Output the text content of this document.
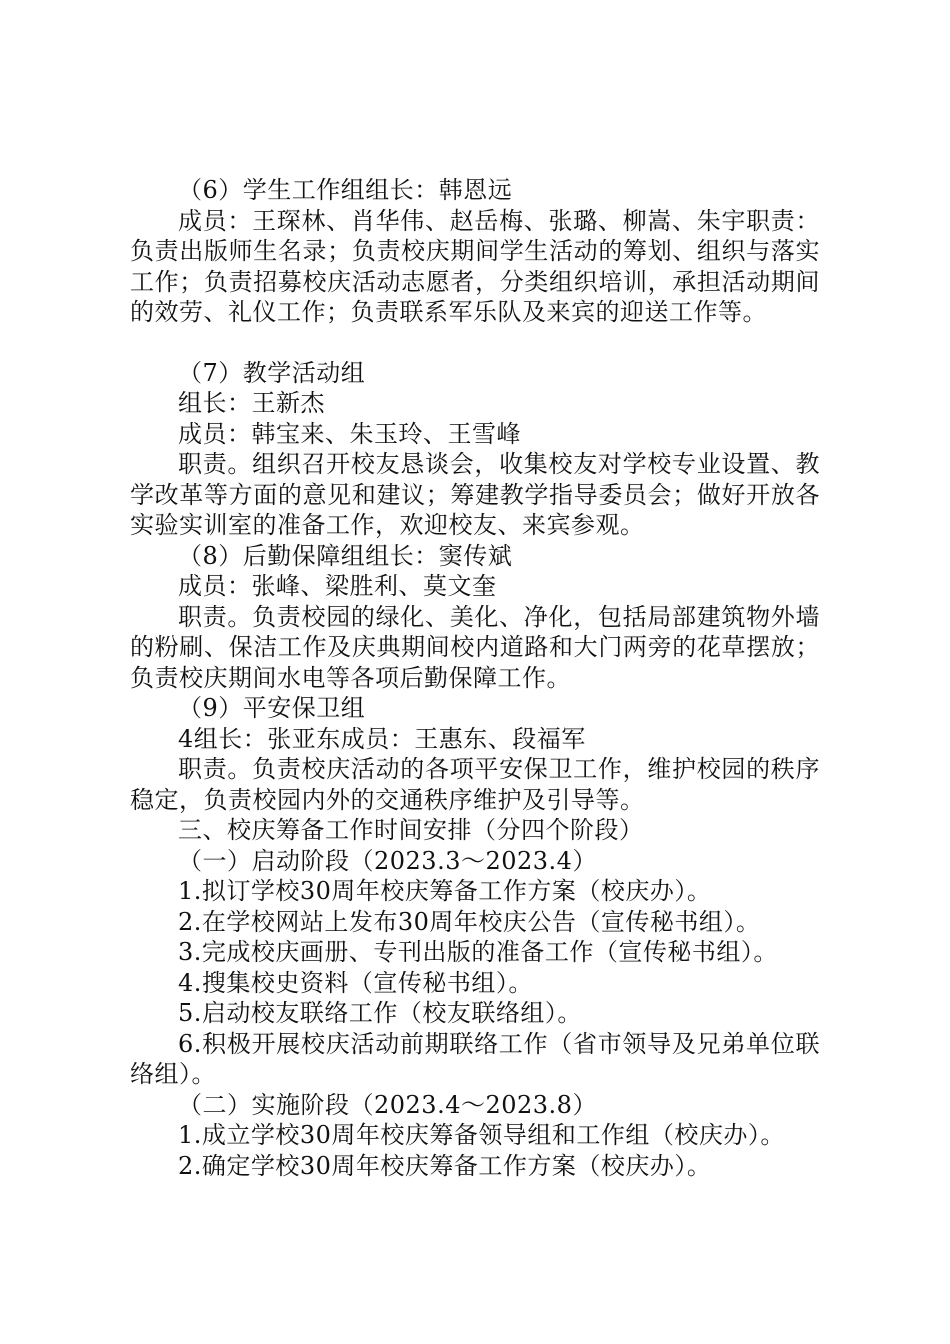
（6）学生工作组组长：韩恩远

成员：王琛林、肖华伟、赵岳梅、张璐、柳嵩、朱宇职责：负责出版师生名录；负责校庆期间学生活动的筹划、组织与落实工作；负责招募校庆活动志愿者，分类组织培训，承担活动期间的效劳、礼仪工作；负责联系军乐队及来宾的迎送工作等。

（7）教学活动组

组长：王新杰

成员：韩宝来、朱玉玲、王雪峰

职责。组织召开校友恳谈会，收集校友对学校专业设置、教学改革等方面的意见和建议；筹建教学指导委员会；做好开放各实验实训室的准备工作，欢迎校友、来宾参观。

（8）后勤保障组组长：窦传斌

成员：张峰、梁胜利、莫文奎

职责。负责校园的绿化、美化、净化，包括局部建筑物外墙的粉刷、保洁工作及庆典期间校内道路和大门两旁的花草摆放；负责校庆期间水电等各项后勤保障工作。

（9）平安保卫组

4组长：张亚东成员：王惠东、段福军

职责。负责校庆活动的各项平安保卫工作，维护校园的秩序稳定，负责校园内外的交通秩序维护及引导等。

三、校庆筹备工作时间安排（分四个阶段）

（一）启动阶段（2023.3～2023.4）

1.拟订学校30周年校庆筹备工作方案（校庆办）。

2.在学校网站上发布30周年校庆公告（宣传秘书组）。

3.完成校庆画册、专刊出版的准备工作（宣传秘书组）。

4.搜集校史资料（宣传秘书组）。

5.启动校友联络工作（校友联络组）。

6.积极开展校庆活动前期联络工作（省市领导及兄弟单位联络组）。

（二）实施阶段（2023.4～2023.8）

1.成立学校30周年校庆筹备领导组和工作组（校庆办）。

2.确定学校30周年校庆筹备工作方案（校庆办）。
